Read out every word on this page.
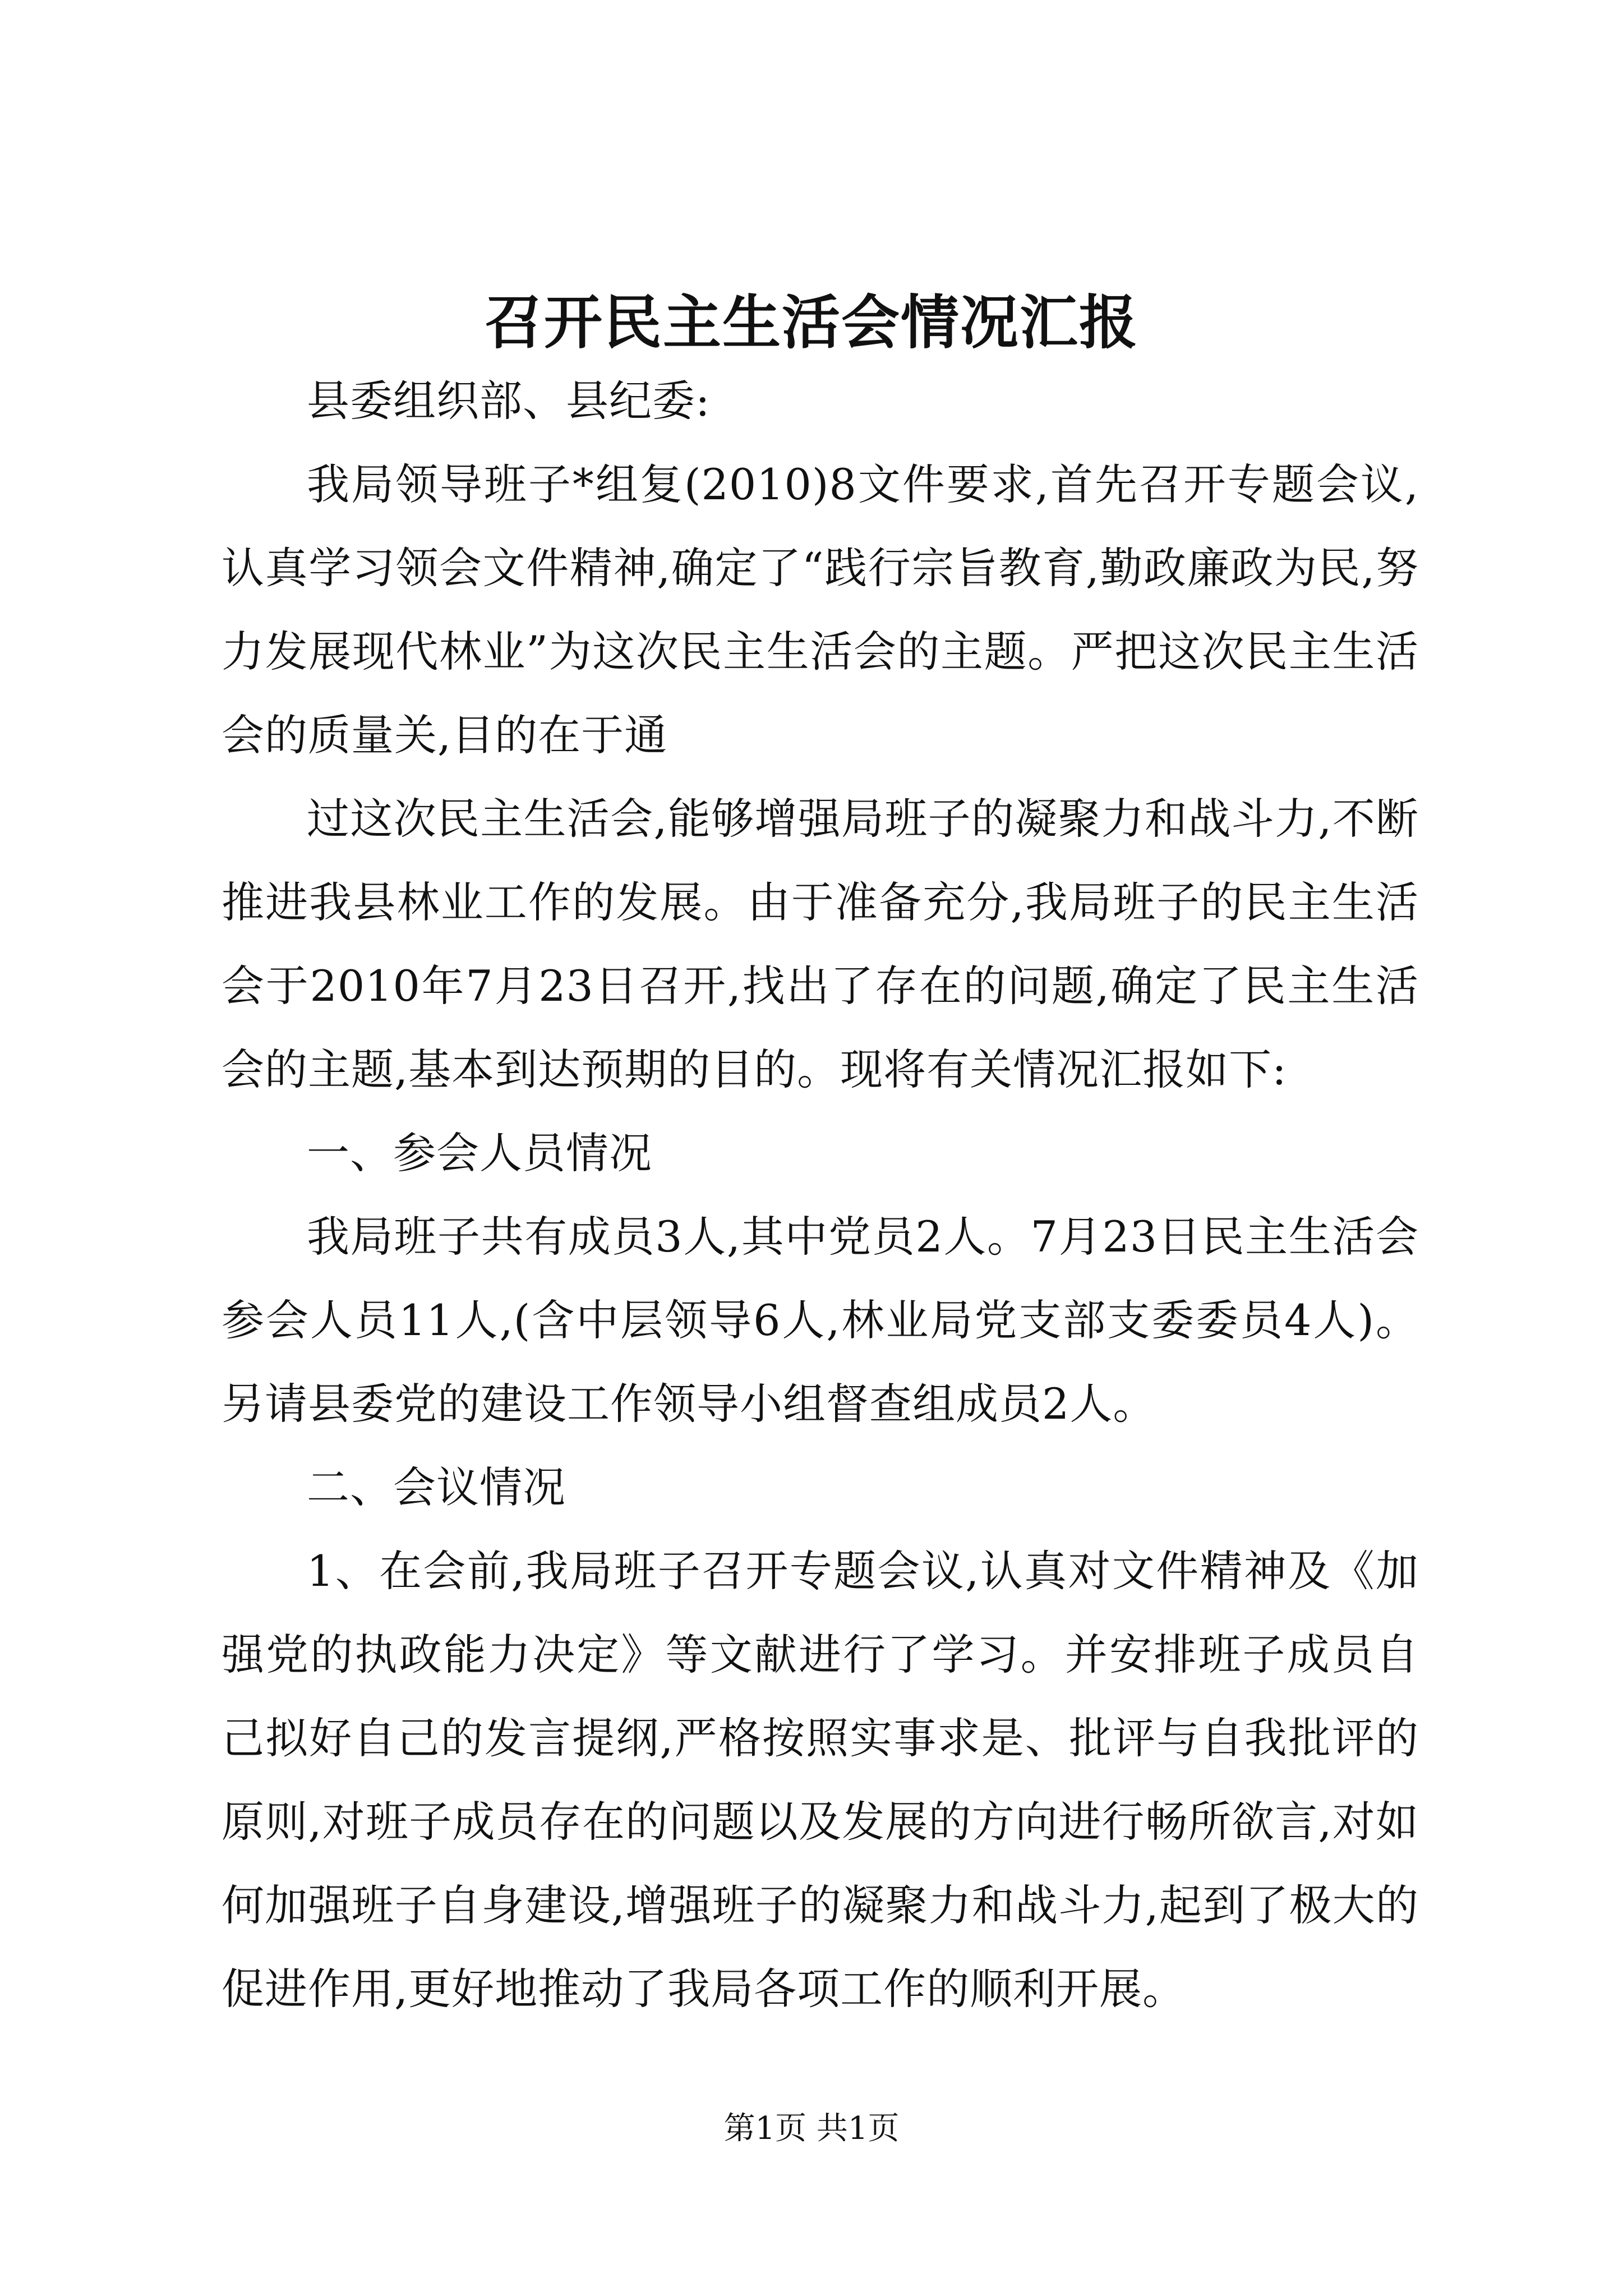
召开民主生活会情况汇报

县委组织部、县纪委:

我局领导班子*组复(2010)8文件要求,首先召开专题会议,认真学习领会文件精神,确定了“践行宗旨教育,勤政廉政为民,努力发展现代林业”为这次民主生活会的主题。严把这次民主生活会的质量关,目的在于通

过这次民主生活会,能够增强局班子的凝聚力和战斗力,不断推进我县林业工作的发展。由于准备充分,我局班子的民主生活会于2010年7月23日召开,找出了存在的问题,确定了民主生活会的主题,基本到达预期的目的。现将有关情况汇报如下:

一、参会人员情况

我局班子共有成员3人,其中党员2人。7月23日民主生活会参会人员11人,(含中层领导6人,林业局党支部支委委员4人)。另请县委党的建设工作领导小组督查组成员2人。

二、会议情况

1、在会前,我局班子召开专题会议,认真对文件精神及《加强党的执政能力决定》等文献进行了学习。并安排班子成员自己拟好自己的发言提纲,严格按照实事求是、批评与自我批评的原则,对班子成员存在的问题以及发展的方向进行畅所欲言,对如何加强班子自身建设,增强班子的凝聚力和战斗力,起到了极大的促进作用,更好地推动了我局各项工作的顺利开展。

第1页 共1页
